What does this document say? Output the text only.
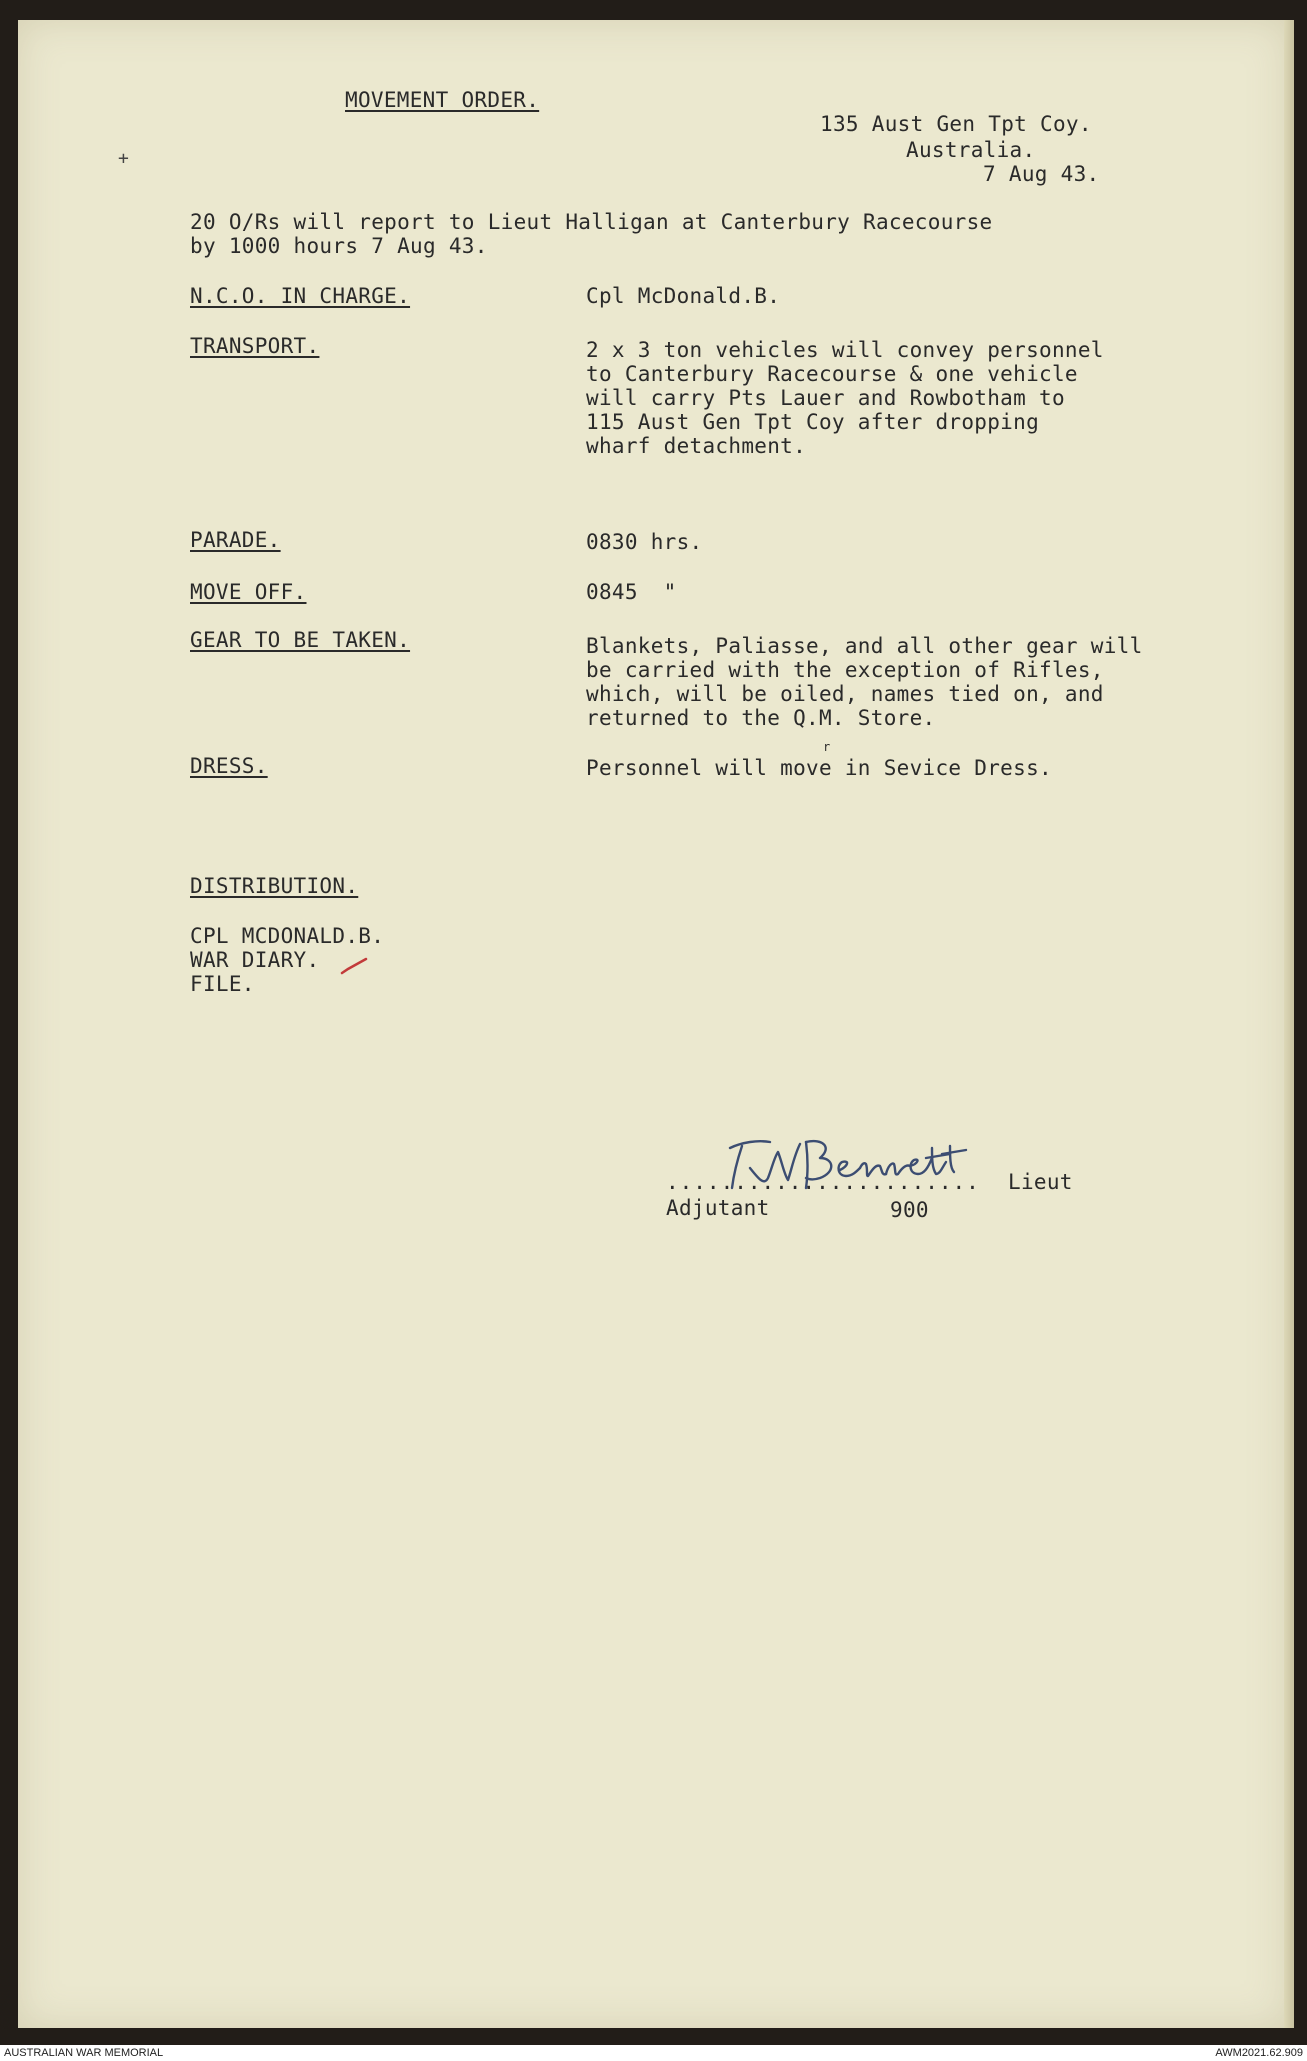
+
MOVEMENT ORDER.
135 Aust Gen Tpt Coy.
Australia.
7 Aug 43.
20 O/Rs will report to Lieut Halligan at Canterbury Racecourse
by 1000 hours 7 Aug 43.
N.C.O. IN CHARGE.	Cpl McDonald.B.
TRANSPORT.	2 x 3 ton vehicles will convey personnel
to Canterbury Racecourse & one vehicle
will carry Pts Lauer and Rowbotham to
115 Aust Gen Tpt Coy after dropping
wharf detachment.
PARADE.	0830 hrs.
MOVE OFF.	0845  "
GEAR TO BE TAKEN.	Blankets, Paliasse, and all other gear will
be carried with the exception of Rifles,
which, will be oiled, names tied on, and
returned to the Q.M. Store.
DRESS.	Personnel will move in Sevice Dress.
r
DISTRIBUTION.
CPL MCDONALD.B.
WAR DIARY.
FILE.
....................... Lieut
Adjutant	900
AUSTRALIAN WAR MEMORIAL	AWM2021.62.909
